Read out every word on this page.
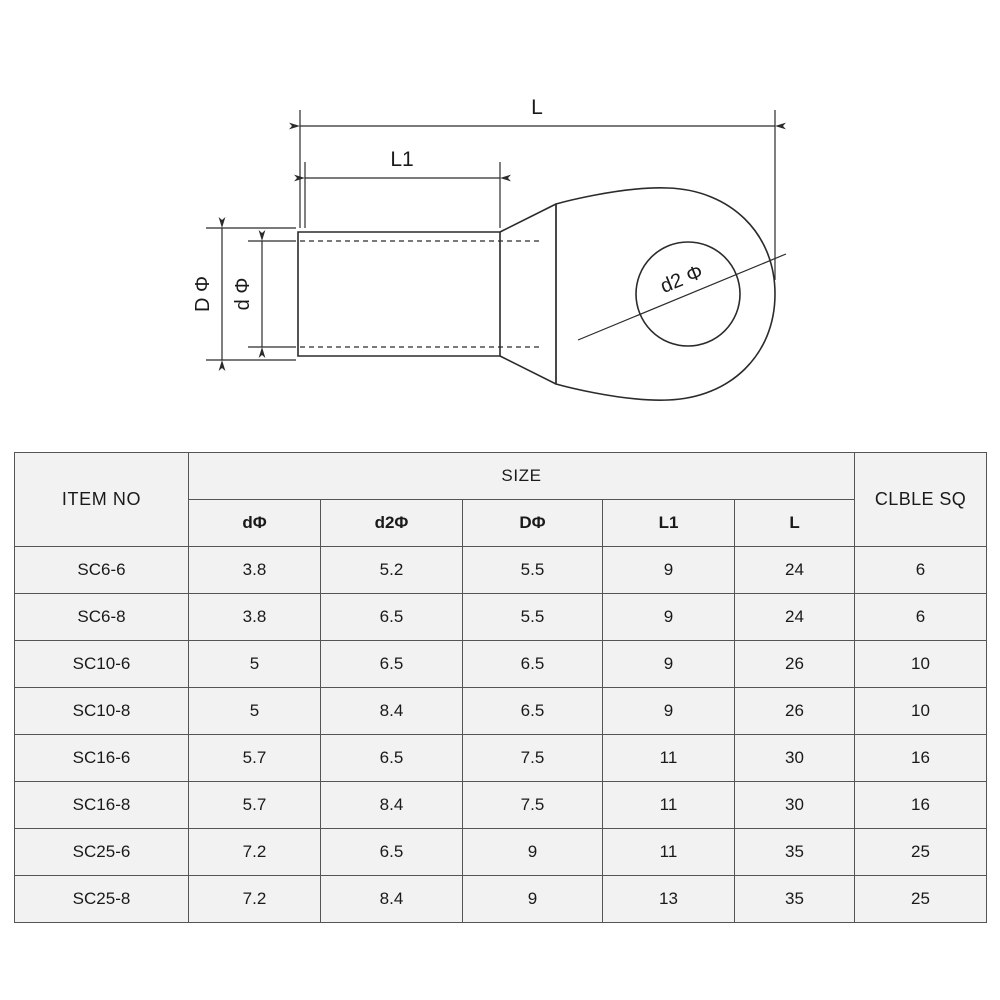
L
L1
D Φ d Φ	d2 Φ
ITEM NO	SIZE					CLBLE SQ
	dΦ	d2Φ	DΦ	L1	L	
SC6-6	3.8	5.2	5.5	9	24	6
SC6-8	3.8	6.5	5.5	9	24	6
SC10-6	5	6.5	6.5	9	26	10
SC10-8	5	8.4	6.5	9	26	10
SC16-6	5.7	6.5	7.5	11	30	16
SC16-8	5.7	8.4	7.5	11	30	16
SC25-6	7.2	6.5	9	11	35	25
SC25-8	7.2	8.4	9	13	35	25
